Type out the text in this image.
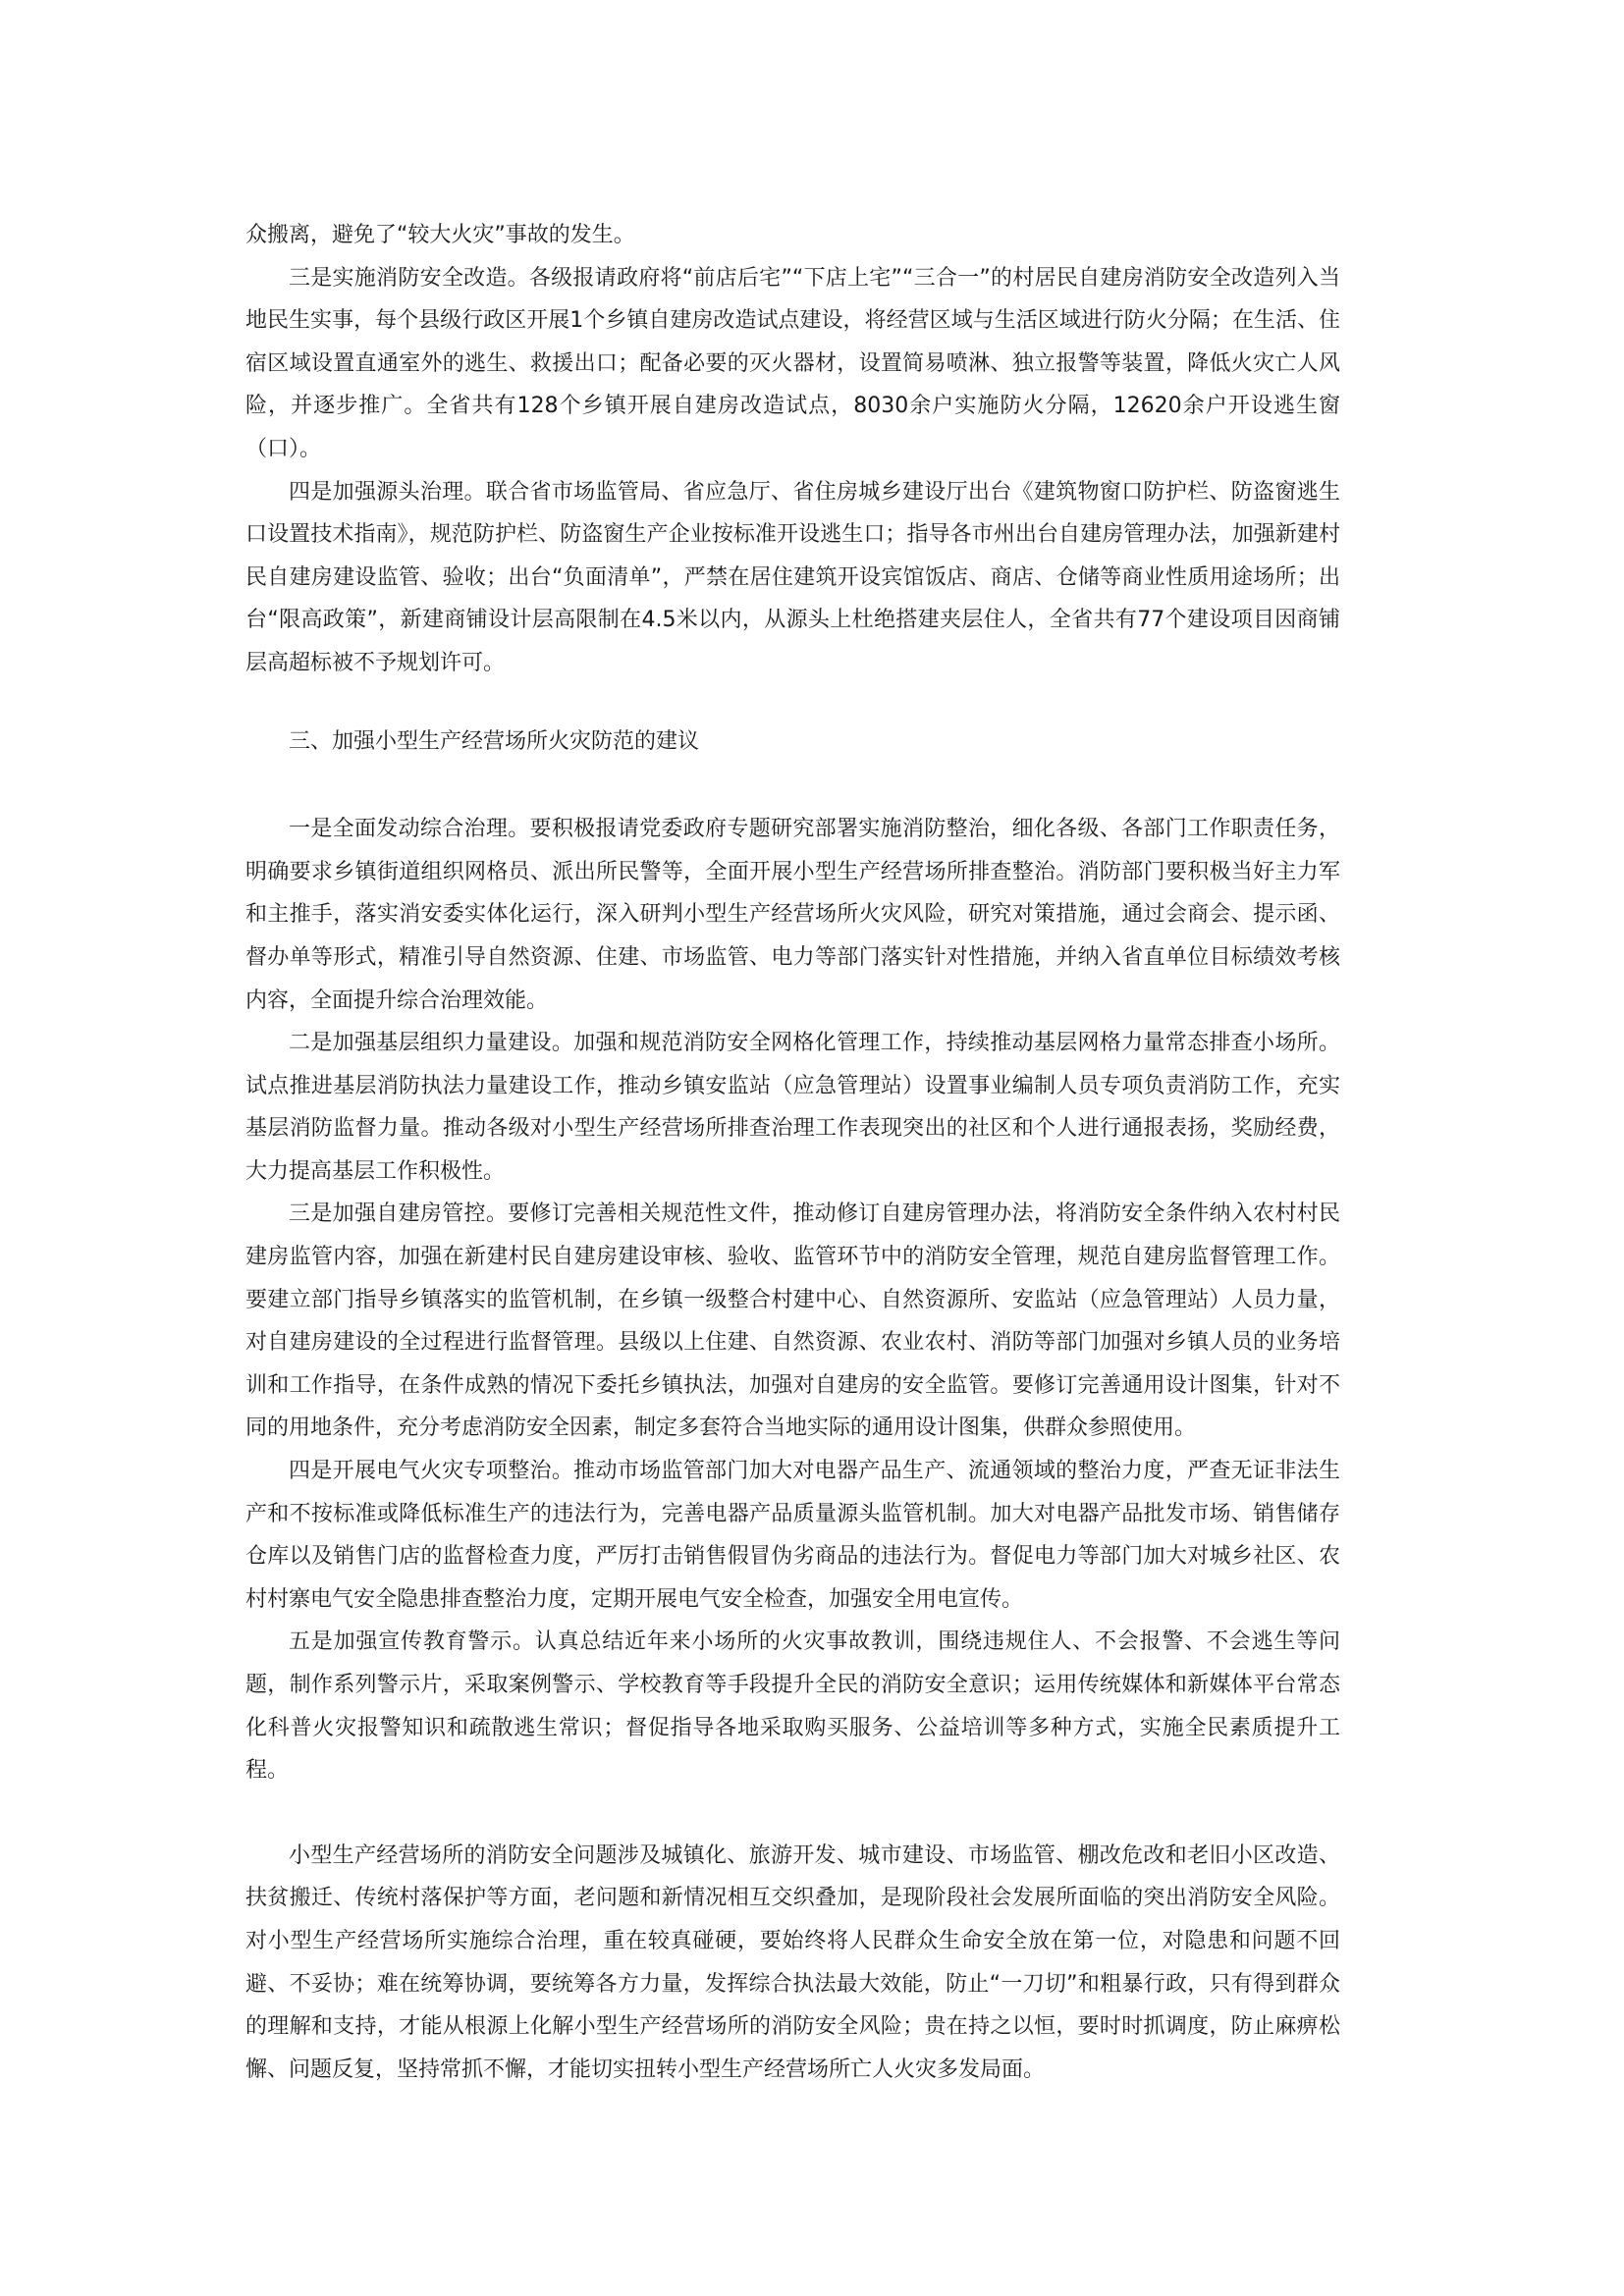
众搬离，避免了“较大火灾”事故的发生。

三是实施消防安全改造。各级报请政府将“前店后宅”“下店上宅”“三合一”的村居民自建房消防安全改造列入当地民生实事，每个县级行政区开展1个乡镇自建房改造试点建设，将经营区域与生活区域进行防火分隔；在生活、住宿区域设置直通室外的逃生、救援出口；配备必要的灭火器材，设置简易喷淋、独立报警等装置，降低火灾亡人风险，并逐步推广。全省共有128个乡镇开展自建房改造试点，8030余户实施防火分隔，12620余户开设逃生窗（口）。

四是加强源头治理。联合省市场监管局、省应急厅、省住房城乡建设厅出台《建筑物窗口防护栏、防盗窗逃生口设置技术指南》，规范防护栏、防盗窗生产企业按标准开设逃生口；指导各市州出台自建房管理办法，加强新建村民自建房建设监管、验收；出台“负面清单”，严禁在居住建筑开设宾馆饭店、商店、仓储等商业性质用途场所；出台“限高政策”，新建商铺设计层高限制在4.5米以内，从源头上杜绝搭建夹层住人，全省共有77个建设项目因商铺层高超标被不予规划许可。

三、加强小型生产经营场所火灾防范的建议

一是全面发动综合治理。要积极报请党委政府专题研究部署实施消防整治，细化各级、各部门工作职责任务，明确要求乡镇街道组织网格员、派出所民警等，全面开展小型生产经营场所排查整治。消防部门要积极当好主力军和主推手，落实消安委实体化运行，深入研判小型生产经营场所火灾风险，研究对策措施，通过会商会、提示函、督办单等形式，精准引导自然资源、住建、市场监管、电力等部门落实针对性措施，并纳入省直单位目标绩效考核内容，全面提升综合治理效能。

二是加强基层组织力量建设。加强和规范消防安全网格化管理工作，持续推动基层网格力量常态排查小场所。试点推进基层消防执法力量建设工作，推动乡镇安监站（应急管理站）设置事业编制人员专项负责消防工作，充实基层消防监督力量。推动各级对小型生产经营场所排查治理工作表现突出的社区和个人进行通报表扬，奖励经费，大力提高基层工作积极性。

三是加强自建房管控。要修订完善相关规范性文件，推动修订自建房管理办法，将消防安全条件纳入农村村民建房监管内容，加强在新建村民自建房建设审核、验收、监管环节中的消防安全管理，规范自建房监督管理工作。要建立部门指导乡镇落实的监管机制，在乡镇一级整合村建中心、自然资源所、安监站（应急管理站）人员力量，对自建房建设的全过程进行监督管理。县级以上住建、自然资源、农业农村、消防等部门加强对乡镇人员的业务培训和工作指导，在条件成熟的情况下委托乡镇执法，加强对自建房的安全监管。要修订完善通用设计图集，针对不同的用地条件，充分考虑消防安全因素，制定多套符合当地实际的通用设计图集，供群众参照使用。

四是开展电气火灾专项整治。推动市场监管部门加大对电器产品生产、流通领域的整治力度，严查无证非法生产和不按标准或降低标准生产的违法行为，完善电器产品质量源头监管机制。加大对电器产品批发市场、销售储存仓库以及销售门店的监督检查力度，严厉打击销售假冒伪劣商品的违法行为。督促电力等部门加大对城乡社区、农村村寨电气安全隐患排查整治力度，定期开展电气安全检查，加强安全用电宣传。

五是加强宣传教育警示。认真总结近年来小场所的火灾事故教训，围绕违规住人、不会报警、不会逃生等问题，制作系列警示片，采取案例警示、学校教育等手段提升全民的消防安全意识；运用传统媒体和新媒体平台常态化科普火灾报警知识和疏散逃生常识；督促指导各地采取购买服务、公益培训等多种方式，实施全民素质提升工程。

小型生产经营场所的消防安全问题涉及城镇化、旅游开发、城市建设、市场监管、棚改危改和老旧小区改造、扶贫搬迁、传统村落保护等方面，老问题和新情况相互交织叠加，是现阶段社会发展所面临的突出消防安全风险。对小型生产经营场所实施综合治理，重在较真碰硬，要始终将人民群众生命安全放在第一位，对隐患和问题不回避、不妥协；难在统筹协调，要统筹各方力量，发挥综合执法最大效能，防止“一刀切”和粗暴行政，只有得到群众的理解和支持，才能从根源上化解小型生产经营场所的消防安全风险；贵在持之以恒，要时时抓调度，防止麻痹松懈、问题反复，坚持常抓不懈，才能切实扭转小型生产经营场所亡人火灾多发局面。
